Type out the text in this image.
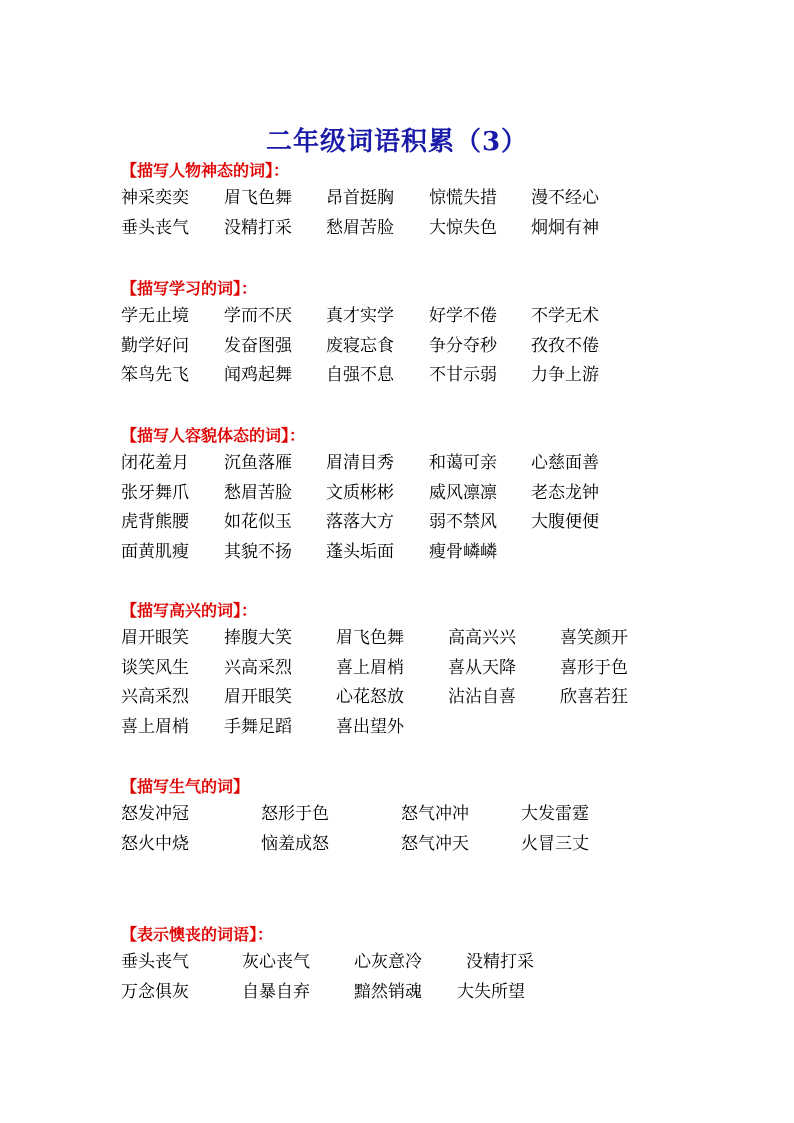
二年级词语积累（3）
【描写人物神态的词】：
神采奕奕 眉飞色舞 昂首挺胸 惊慌失措 漫不经心
垂头丧气 没精打采 愁眉苦脸 大惊失色 炯炯有神
【描写学习的词】：
学无止境 学而不厌 真才实学 好学不倦 不学无术
勤学好问 发奋图强 废寝忘食 争分夺秒 孜孜不倦
笨鸟先飞 闻鸡起舞 自强不息 不甘示弱 力争上游
【描写人容貌体态的词】：
闭花羞月 沉鱼落雁 眉清目秀 和蔼可亲 心慈面善
张牙舞爪 愁眉苦脸 文质彬彬 威风凛凛 老态龙钟
虎背熊腰 如花似玉 落落大方 弱不禁风 大腹便便
面黄肌瘦 其貌不扬 蓬头垢面 瘦骨嶙嶙
【描写高兴的词】：
眉开眼笑 捧腹大笑	眉飞色舞	高高兴兴	喜笑颜开
谈笑风生 兴高采烈	喜上眉梢	喜从天降	喜形于色
兴高采烈 眉开眼笑	心花怒放	沾沾自喜	欣喜若狂
喜上眉梢 手舞足蹈	喜出望外
【描写生气的词】
怒发冲冠	怒形于色	怒气冲冲	大发雷霆
怒火中烧	恼羞成怒	怒气冲天	火冒三丈
【表示懊丧的词语】：
垂头丧气	灰心丧气	心灰意冷	没精打采
万念俱灰	自暴自弃	黯然销魂 大失所望
